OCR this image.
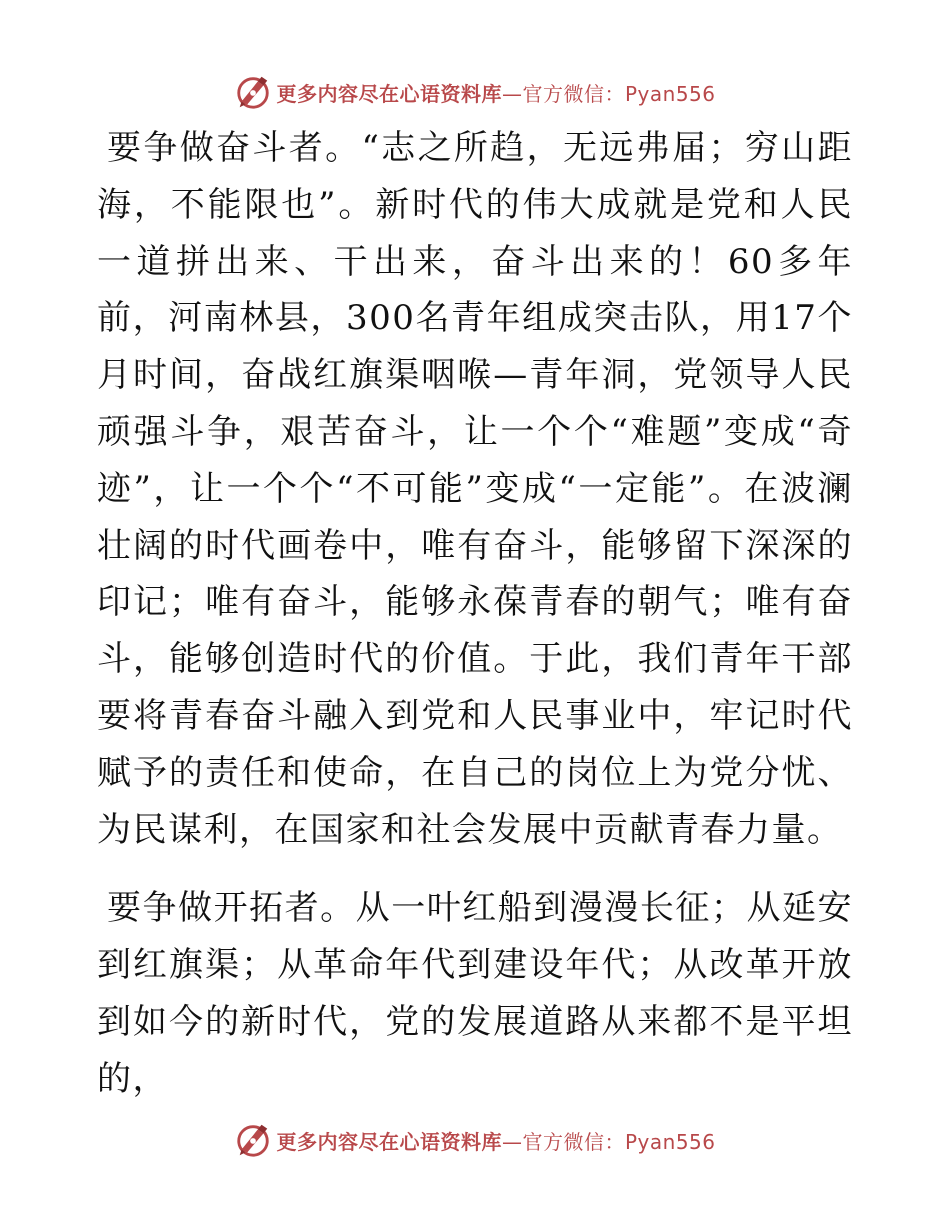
更多内容尽在心语资料库—官方微信：Pyan556

要争做奋斗者。“志之所趋，无远弗届；穷山距海，不能限也”。新时代的伟大成就是党和人民一道拼出来、干出来，奋斗出来的！60多年前，河南林县，300名青年组成突击队，用17个月时间，奋战红旗渠咽喉—青年洞，党领导人民顽强斗争，艰苦奋斗，让一个个“难题”变成“奇迹”，让一个个“不可能”变成“一定能”。在波澜壮阔的时代画卷中，唯有奋斗，能够留下深深的印记；唯有奋斗，能够永葆青春的朝气；唯有奋斗，能够创造时代的价值。于此，我们青年干部要将青春奋斗融入到党和人民事业中，牢记时代赋予的责任和使命，在自己的岗位上为党分忧、为民谋利，在国家和社会发展中贡献青春力量。

要争做开拓者。从一叶红船到漫漫长征；从延安到红旗渠；从革命年代到建设年代；从改革开放到如今的新时代，党的发展道路从来都不是平坦的，

更多内容尽在心语资料库—官方微信：Pyan556
